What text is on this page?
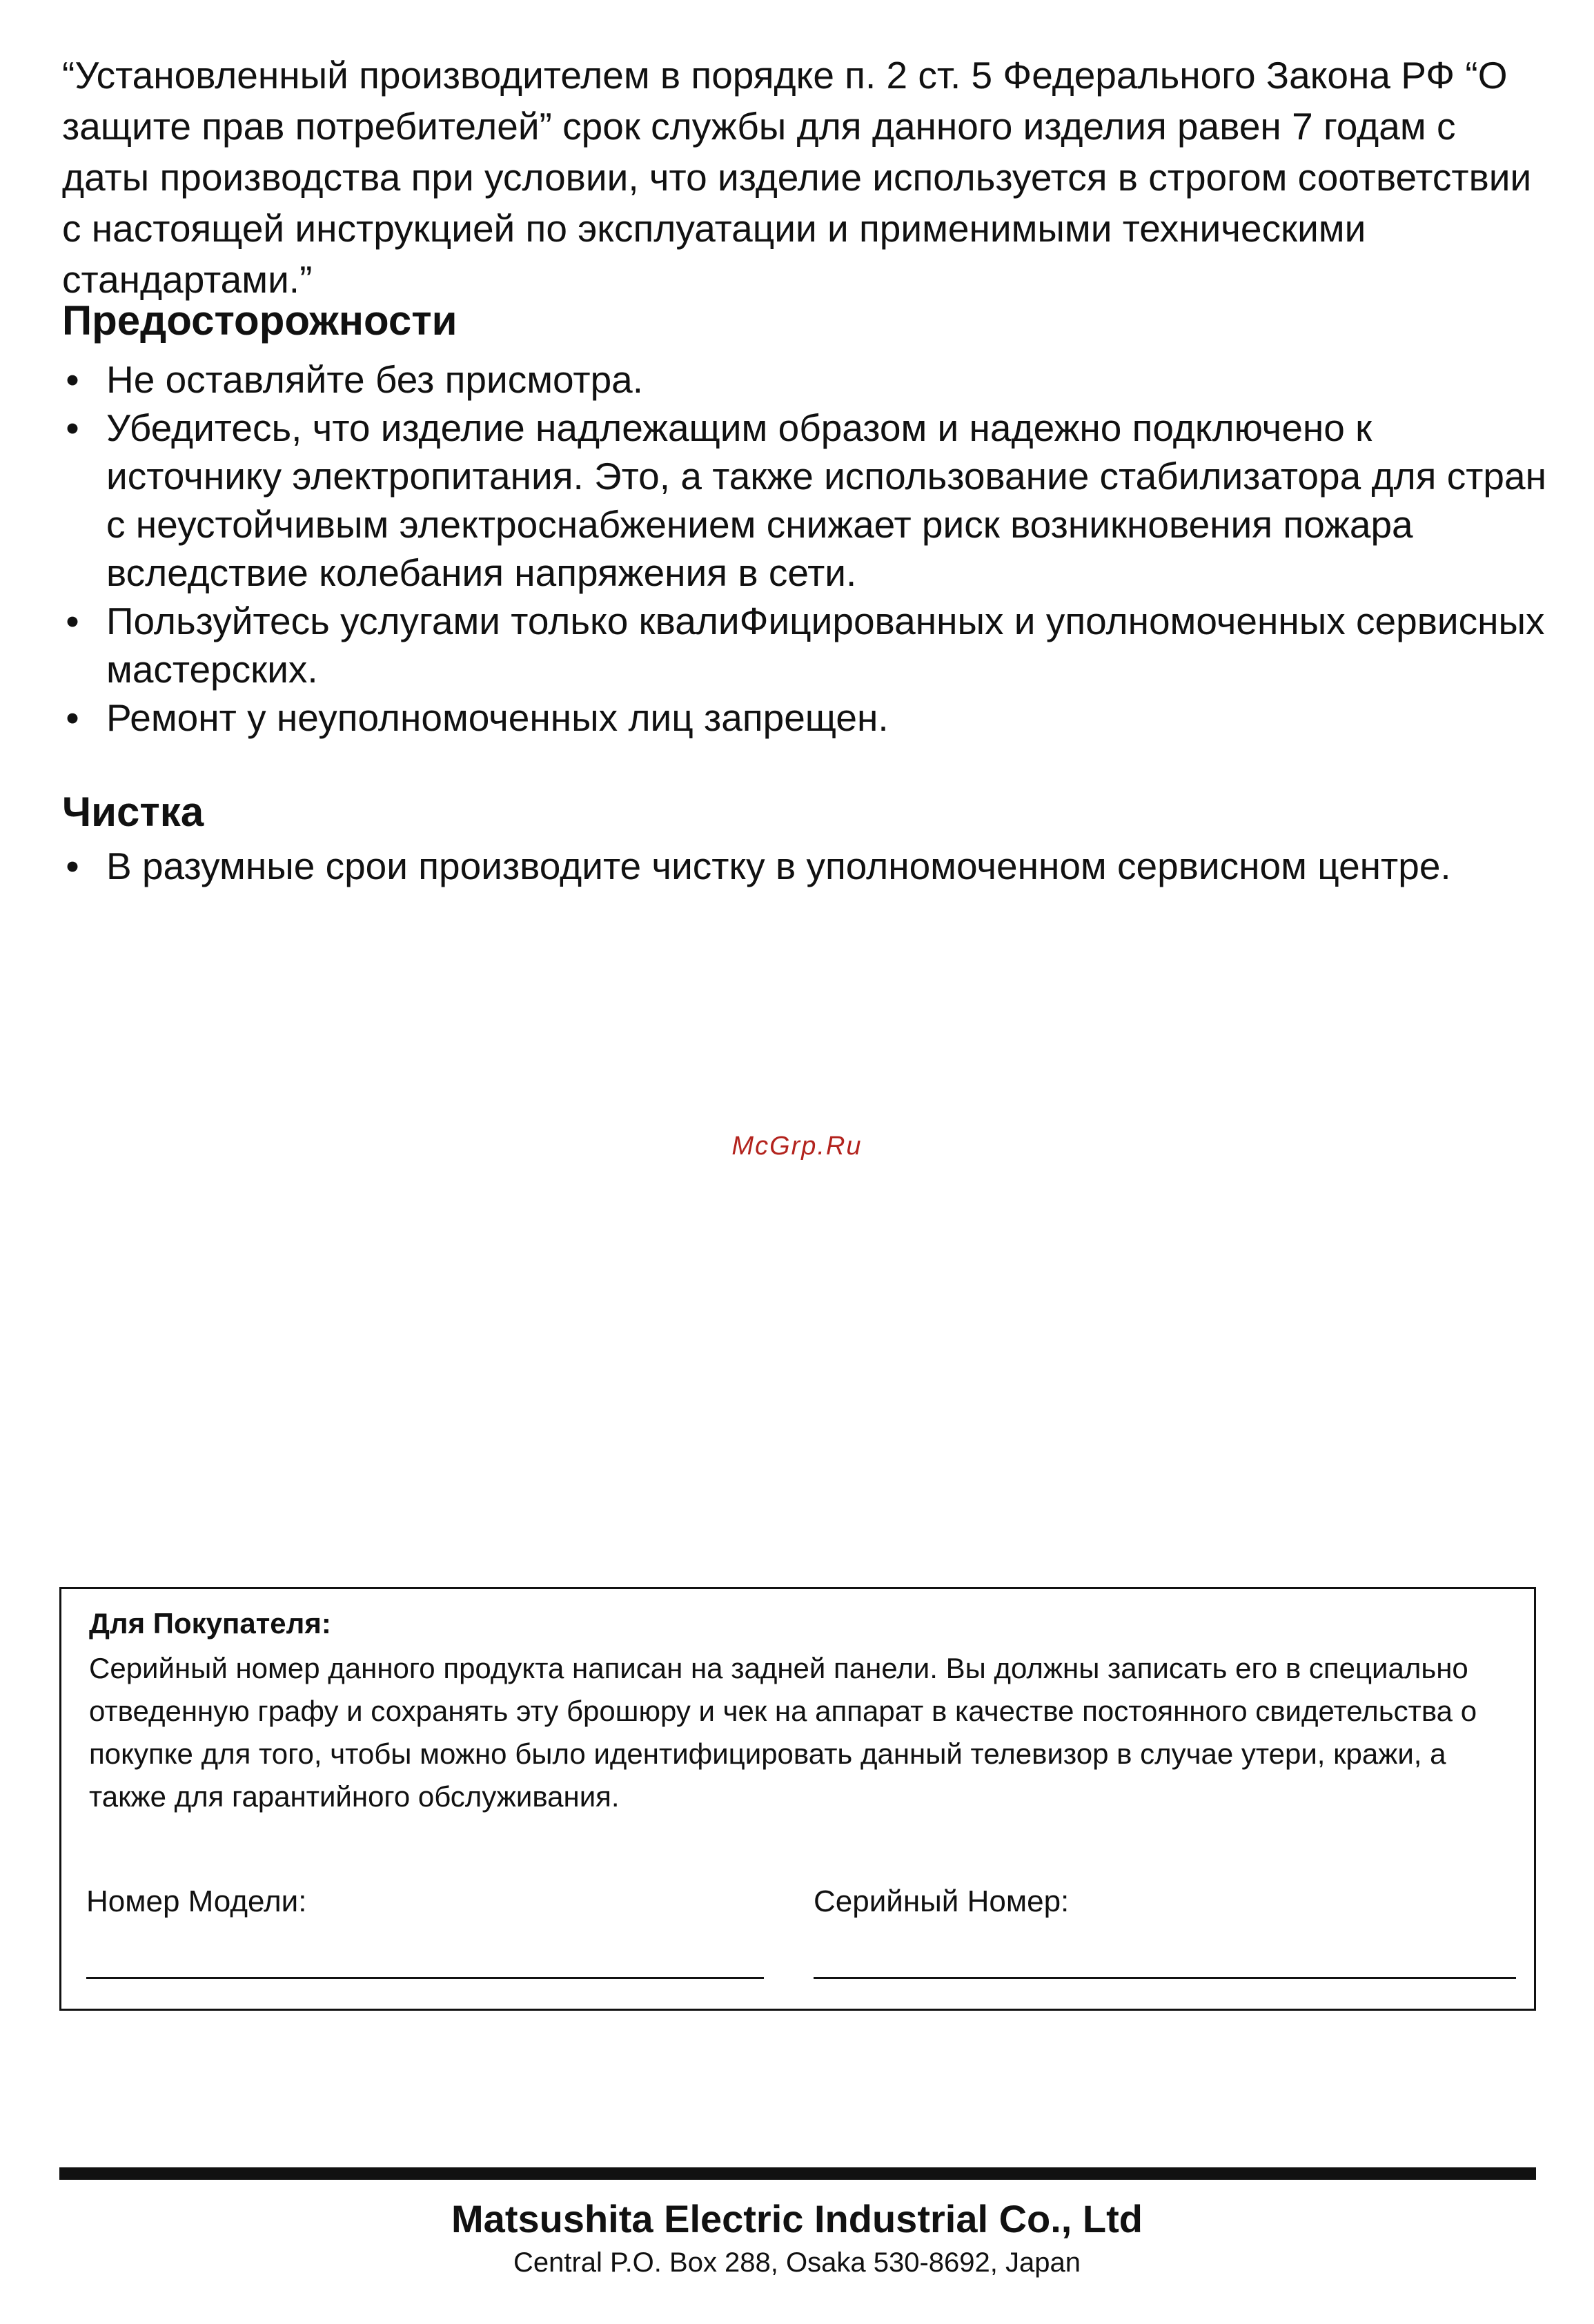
“Установленный производителем в порядке п. 2 ст. 5 Федерального Закона РФ “О защите прав потребителей” срок службы для данного изделия равен 7 годам с даты производства при условии, что изделие используется в строгом соответствии с настоящей инструкцией по эксплуатации и применимыми техническими стандартами.”

Предосторожности
• Не оставляйте без присмотра.
• Убедитесь, что изделие надлежащим образом и надежно подключено к источнику электропитания. Это, а также использование стабилизатора для стран с неустойчивым электроснабжением снижает риск возникновения пожара вследствие колебания напряжения в сети.
• Пользуйтесь услугами только квалиФицированных и уполномоченных сервисных мастерских.
• Ремонт у неуполномоченных лиц запрещен.
Чистка
• В разумные срои производите чистку в уполномоченном сервисном центре.
McGrp.Ru

Для Покупателя:

Серийный номер данного продукта написан на задней панели. Вы должны записать его в специально отведенную графу и сохранять эту брошюру и чек на аппарат в качестве постоянного свидетельства о покупке для того, чтобы можно было идентифицировать данный телевизор в случае утери, кражи, а также для гарантийного обслуживания.

Номер Модели:	Серийный Номер:

Matsushita Electric Industrial Co., Ltd

Central P.O. Box 288, Osaka 530-8692, Japan
